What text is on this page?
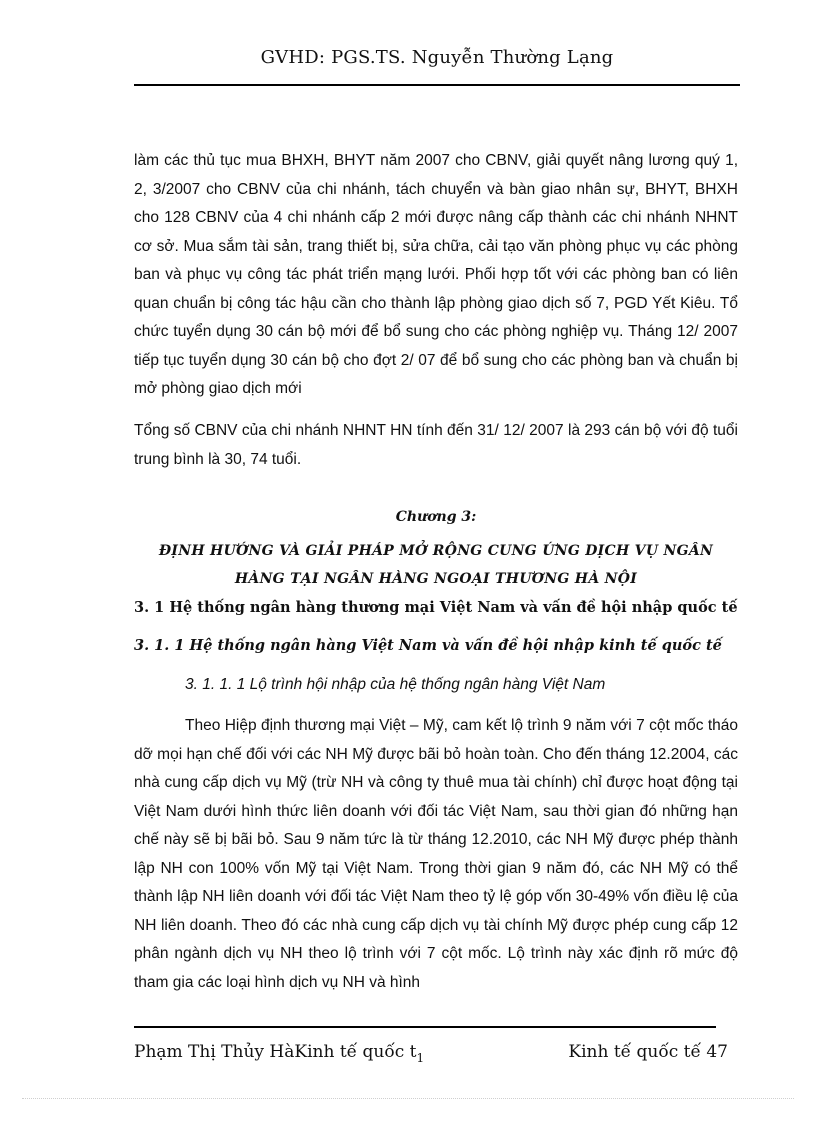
GVHD: PGS.TS. Nguyễn Thường Lạng
làm các thủ tục mua BHXH, BHYT năm 2007 cho CBNV, giải quyết nâng lương quý 1, 2, 3/2007 cho CBNV của chi nhánh, tách chuyển và bàn giao nhân sự, BHYT, BHXH cho 128 CBNV của 4 chi nhánh cấp 2 mới được nâng cấp thành các chi nhánh NHNT cơ sở. Mua sắm tài sản, trang thiết bị, sửa chữa, cải tạo văn phòng phục vụ các phòng ban và phục vụ công tác phát triển mạng lưới. Phối hợp tốt với các phòng ban có liên quan chuẩn bị công tác hậu cần cho thành lập phòng giao dịch số 7, PGD Yết Kiêu. Tổ chức tuyển dụng 30 cán bộ mới để bổ sung cho các phòng nghiệp vụ. Tháng 12/ 2007 tiếp tục tuyển dụng 30 cán bộ cho đợt 2/ 07 để bổ sung cho các phòng ban và chuẩn bị mở phòng giao dịch mới
Tổng số CBNV của chi nhánh NHNT HN tính đến 31/ 12/ 2007 là 293 cán bộ với độ tuổi trung bình là 30, 74 tuổi.
Chương 3:
ĐỊNH HƯỚNG VÀ GIẢI PHÁP MỞ RỘNG CUNG ỨNG DỊCH VỤ NGÂN
HÀNG TẠI NGÂN HÀNG NGOẠI THƯƠNG HÀ NỘI
3. 1 Hệ thống ngân hàng thương mại Việt Nam và vấn đề hội nhập quốc tế
3. 1. 1 Hệ thống ngân hàng Việt Nam và vấn đề hội nhập kinh tế quốc tế
3. 1. 1. 1 Lộ trình hội nhập của hệ thống ngân hàng Việt Nam
Theo Hiệp định thương mại Việt – Mỹ, cam kết lộ trình 9 năm với 7 cột mốc tháo dỡ mọi hạn chế đối với các NH Mỹ được bãi bỏ hoàn toàn. Cho đến tháng 12.2004, các nhà cung cấp dịch vụ Mỹ (trừ NH và công ty thuê mua tài chính) chỉ được hoạt động tại Việt Nam dưới hình thức liên doanh với đối tác Việt Nam, sau thời gian đó những hạn chế này sẽ bị bãi bỏ. Sau 9 năm tức là từ tháng 12.2010, các NH Mỹ được phép thành lập NH con 100% vốn Mỹ tại Việt Nam. Trong thời gian 9 năm đó, các NH Mỹ có thể thành lập NH liên doanh với đối tác Việt Nam theo tỷ lệ góp vốn 30-49% vốn điều lệ của NH liên doanh. Theo đó các nhà cung cấp dịch vụ tài chính Mỹ được phép cung cấp 12 phân ngành dịch vụ NH theo lộ trình với 7 cột mốc. Lộ trình này xác định rõ mức độ tham gia các loại hình dịch vụ NH và hình
Phạm Thị Thủy HàKinh tế quốc $t_1$	Kinh tế quốc tế 47
